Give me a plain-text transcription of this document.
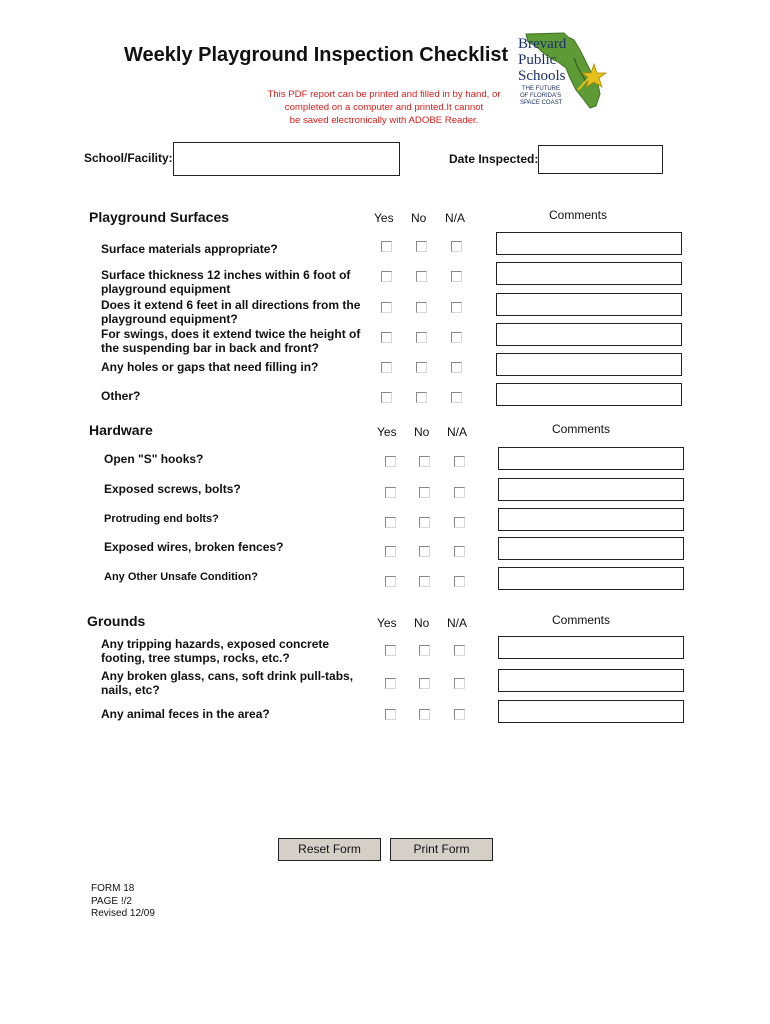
Weekly Playground Inspection Checklist
This PDF report can be printed and filled in by hand, or
completed on a computer and printed.It cannot
be saved electronically with ADOBE Reader.
Brevard
Public
Schools
THE FUTURE
OF FLORIDA'S
SPACE COAST
School/Facility:	Date Inspected:
Playground Surfaces	Yes No N/A	Comments
Surface materials appropriate?
Surface thickness 12 inches within 6 foot of playground equipment
Does it extend 6 feet in all directions from the playground equipment?
For swings, does it extend twice the height of the suspending bar in back and front?
Any holes or gaps that need filling in?
Other?
Hardware	Yes No N/A	Comments
Open "S" hooks?
Exposed screws, bolts?
Protruding end bolts?
Exposed wires, broken fences?
Any Other Unsafe Condition?
Grounds	Yes No N/A	Comments
Any tripping hazards, exposed concrete footing, tree stumps, rocks, etc.?
Any broken glass, cans, soft drink pull-tabs, nails, etc?
Any animal feces in the area?
Reset Form	Print Form
FORM 18
PAGE !/2
Revised 12/09
